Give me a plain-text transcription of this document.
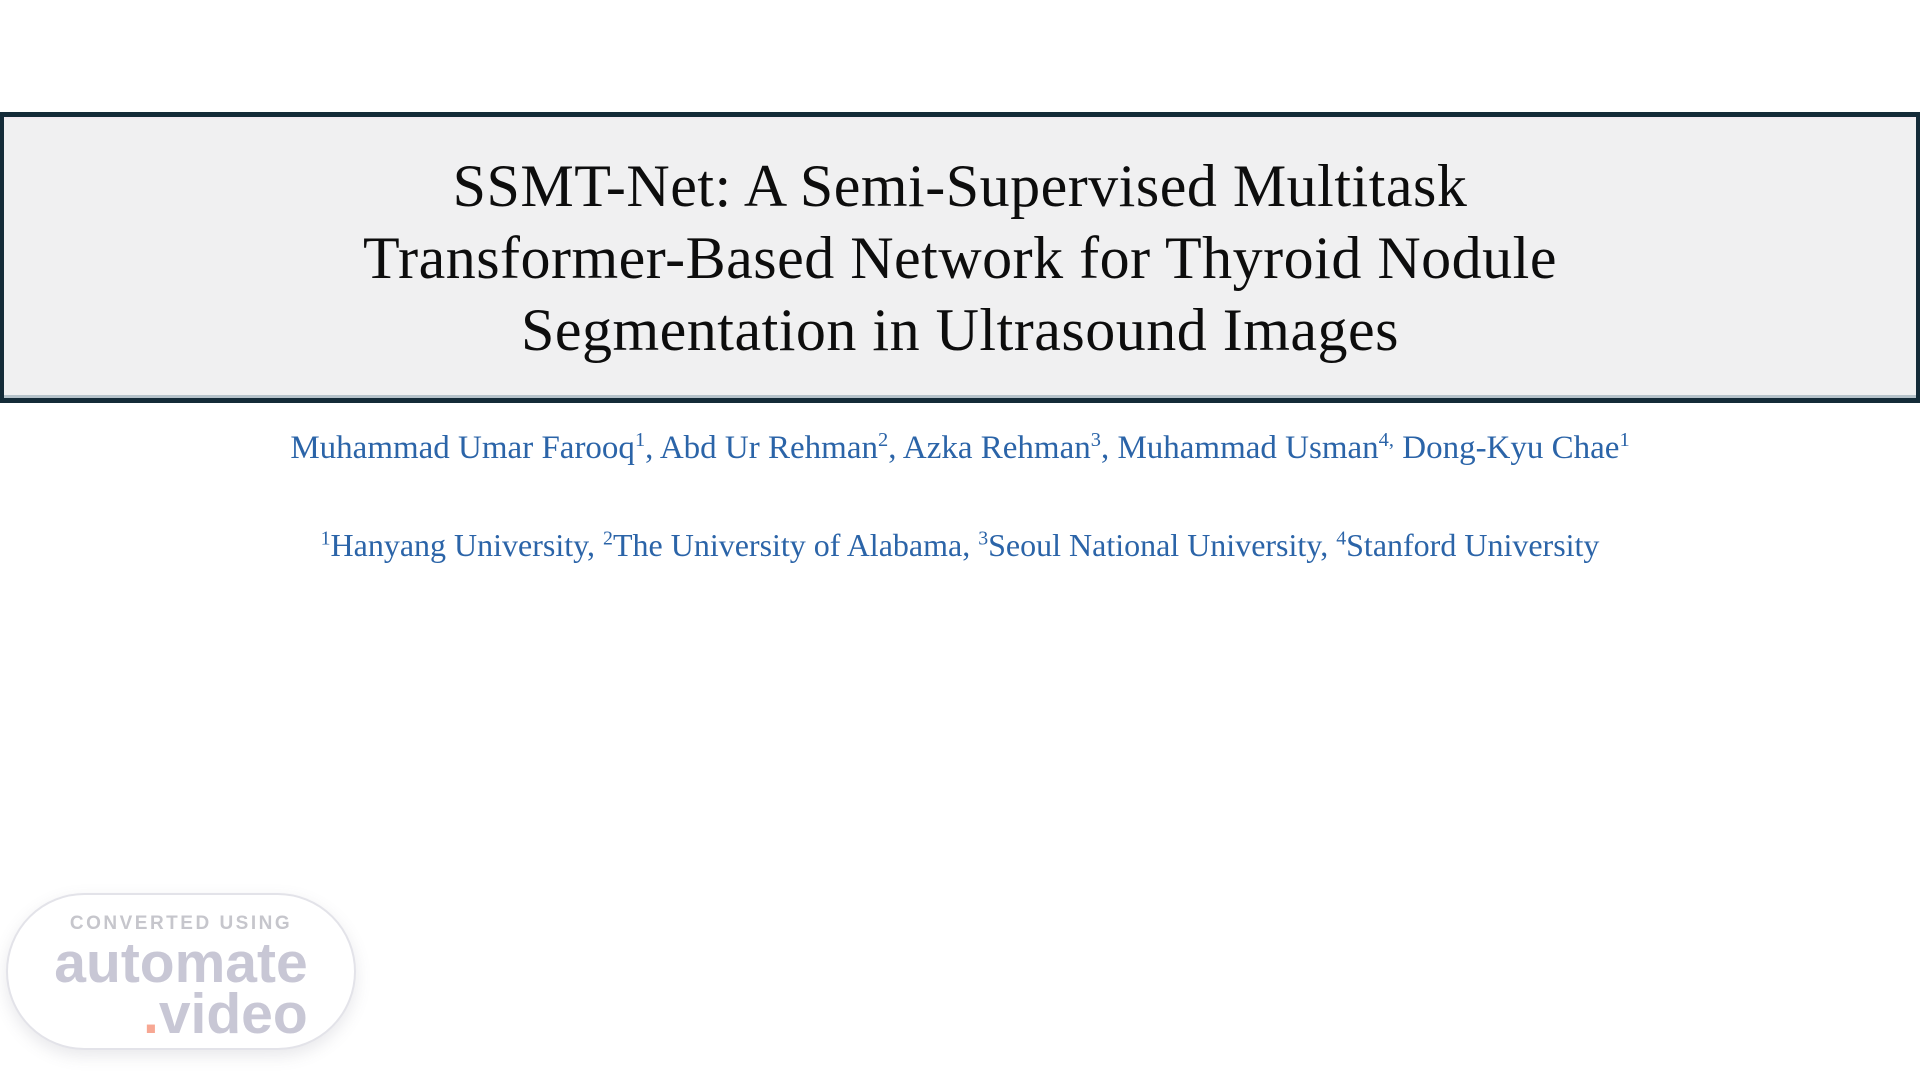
SSMT-Net: A Semi-Supervised Multitask
Transformer-Based Network for Thyroid Nodule
Segmentation in Ultrasound Images
Muhammad Umar Farooq$^1$, Abd Ur Rehman$^2$, Azka Rehman$^3$, Muhammad Usman$^{4,}$ Dong-Kyu Chae$^1$
$^1$Hanyang University, $^2$The University of Alabama, $^3$Seoul National University, $^4$Stanford University
CONVERTED USING
automate
.video
